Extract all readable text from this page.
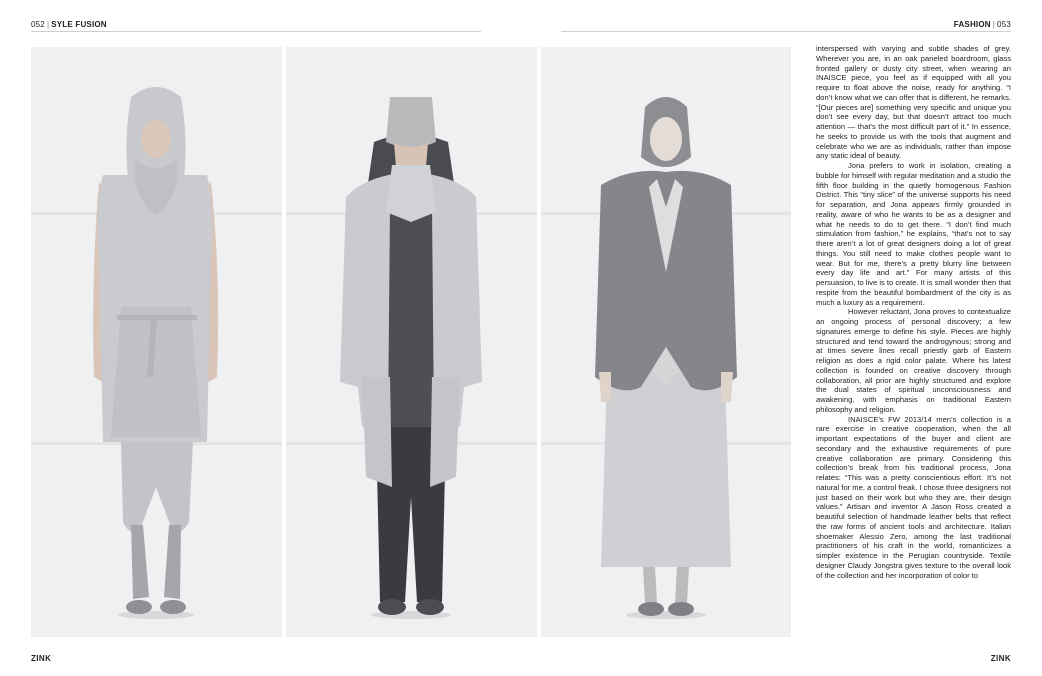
052 | SYLE FUSION	FASHION | 053

interspersed with varying and subtle shades of grey. Wherever you are, in an oak paneled boardroom, glass fronted gallery or dusty city street, when wearing an INAISCE piece, you feel as if equipped with all you require to float above the noise, ready for anything. “I don’t know what we can offer that is different, he remarks. “[Our pieces are] something very specific and unique you don’t see every day, but that doesn’t attract too much attention — that’s the most difficult part of it.” In essence, he seeks to provide us with the tools that augment and celebrate who we are as individuals, rather than impose any static ideal of beauty.

Jona prefers to work in isolation, creating a bubble for himself with regular meditation and a studio the fifth floor building in the quietly homogenous Fashion District. This “tiny slice” of the universe supports his need for separation, and Jona appears firmly grounded in reality, aware of who he wants to be as a designer and what he needs to do to get there. “I don’t find much stimulation from fashion,” he explains, “that’s not to say there aren’t a lot of great designers doing a lot of great things. You still need to make clothes people want to wear. But for me, there’s a pretty blurry line between every day life and art.” For many artists of this persuasion, to live is to create. It is small wonder then that respite from the beautiful bombardment of the city is as much a luxury as a requirement.

However reluctant, Jona proves to contextualize an ongoing process of personal discovery; a few signatures emerge to define his style. Pieces are highly structured and tend toward the androgynous; strong and at times severe lines recall priestly garb of Eastern religion as does a rigid color palate. Where his latest collection is founded on creative discovery through collaboration, all prior are highly structured and explore the dual states of spiritual unconsciousness and awakening, with emphasis on traditional Eastern philosophy and religion.

INAISCE’s FW 2013/14 men’s collection is a rare exercise in creative cooperation, when the all important expectations of the buyer and client are secondary and the exhaustive requirements of pure creative collaboration are primary. Considering this collection’s break from his traditional process, Jona relates: “This was a pretty conscientious effort. It’s not natural for me, a control freak. I chose three designers not just based on their work but who they are, their design values.” Artisan and inventor A Jason Ross created a beautiful selection of handmade leather belts that reflect the raw forms of ancient tools and architecture. Italian shoemaker Alessio Zero, among the last traditional practitioners of his craft in the world, romanticizes a simpler existence in the Perugian countryside. Textile designer Claudy Jongstra gives texture to the overall look of the collection and her incorporation of color to

ZINK	ZINK
